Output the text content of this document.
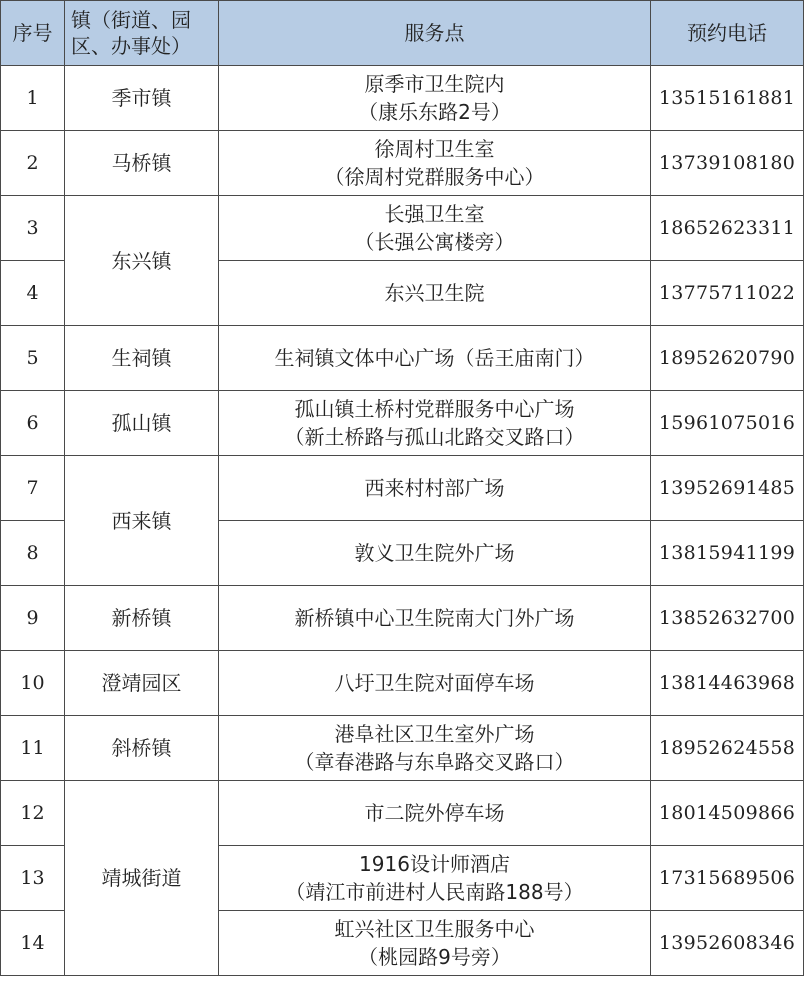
序号	镇（街道、园
区、办事处）	服务点	预约电话
1	季市镇	原季市卫生院内
（康乐东路2号）	13515161881
2	马桥镇	徐周村卫生室
（徐周村党群服务中心）	13739108180
3	东兴镇	长强卫生室
（长强公寓楼旁）	18652623311
4		东兴卫生院	13775711022
5	生祠镇	生祠镇文体中心广场（岳王庙南门）	18952620790
6	孤山镇	孤山镇土桥村党群服务中心广场
（新土桥路与孤山北路交叉路口）	15961075016
7	西来镇	西来村村部广场	13952691485
8		敦义卫生院外广场	13815941199
9	新桥镇	新桥镇中心卫生院南大门外广场	13852632700
10	澄靖园区	八圩卫生院对面停车场	13814463968
11	斜桥镇	港阜社区卫生室外广场
（章春港路与东阜路交叉路口）	18952624558
12	靖城街道	市二院外停车场	18014509866
13		1916设计师酒店
（靖江市前进村人民南路188号）	17315689506
14		虹兴社区卫生服务中心
（桃园路9号旁）	13952608346
